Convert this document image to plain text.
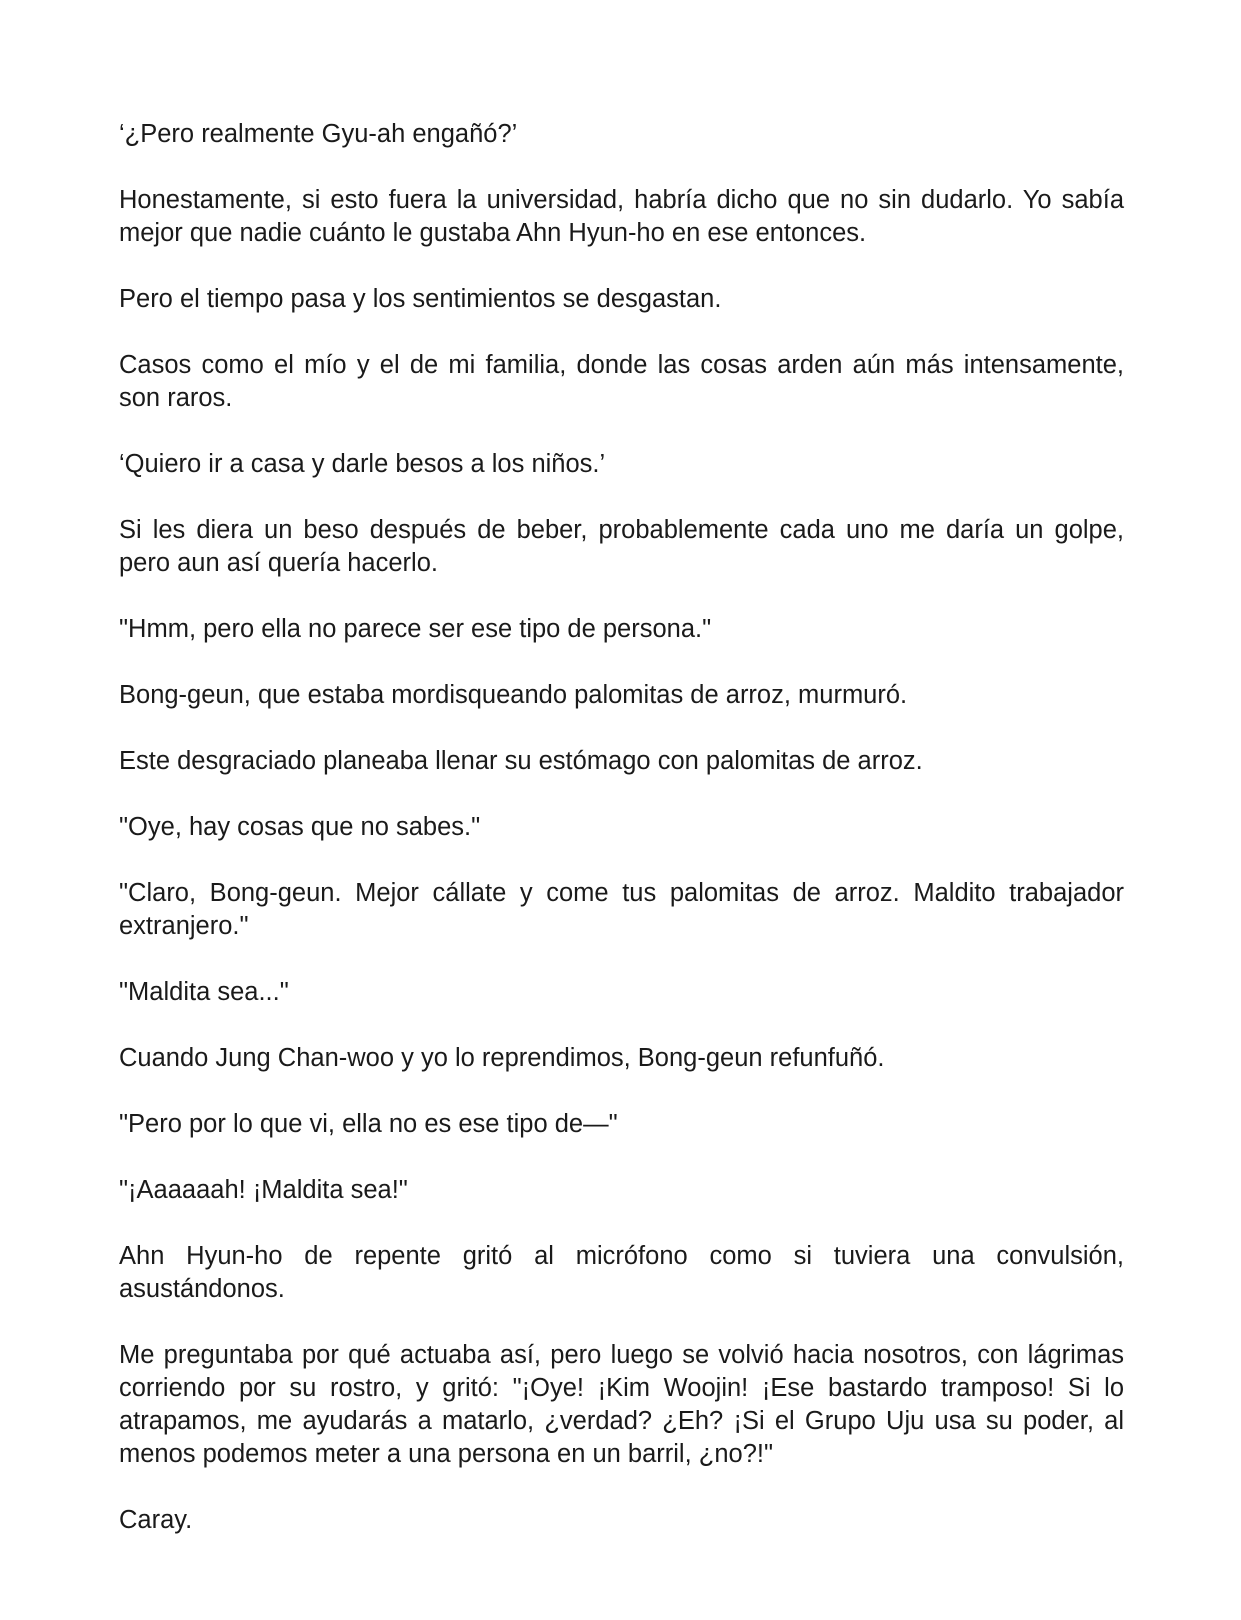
‘¿Pero realmente Gyu-ah engañó?’

Honestamente, si esto fuera la universidad, habría dicho que no sin dudarlo. Yo sabía mejor que nadie cuánto le gustaba Ahn Hyun-ho en ese entonces.

Pero el tiempo pasa y los sentimientos se desgastan.

Casos como el mío y el de mi familia, donde las cosas arden aún más intensamente, son raros.

‘Quiero ir a casa y darle besos a los niños.’

Si les diera un beso después de beber, probablemente cada uno me daría un golpe, pero aun así quería hacerlo.

"Hmm, pero ella no parece ser ese tipo de persona."

Bong-geun, que estaba mordisqueando palomitas de arroz, murmuró.

Este desgraciado planeaba llenar su estómago con palomitas de arroz.

"Oye, hay cosas que no sabes."

"Claro, Bong-geun. Mejor cállate y come tus palomitas de arroz. Maldito trabajador extranjero."

"Maldita sea..."

Cuando Jung Chan-woo y yo lo reprendimos, Bong-geun refunfuñó.

"Pero por lo que vi, ella no es ese tipo de—"

"¡Aaaaaah! ¡Maldita sea!"

Ahn Hyun-ho de repente gritó al micrófono como si tuviera una convulsión, asustándonos.

Me preguntaba por qué actuaba así, pero luego se volvió hacia nosotros, con lágrimas corriendo por su rostro, y gritó: "¡Oye! ¡Kim Woojin! ¡Ese bastardo tramposo! Si lo atrapamos, me ayudarás a matarlo, ¿verdad? ¿Eh? ¡Si el Grupo Uju usa su poder, al menos podemos meter a una persona en un barril, ¿no?!"

Caray.
